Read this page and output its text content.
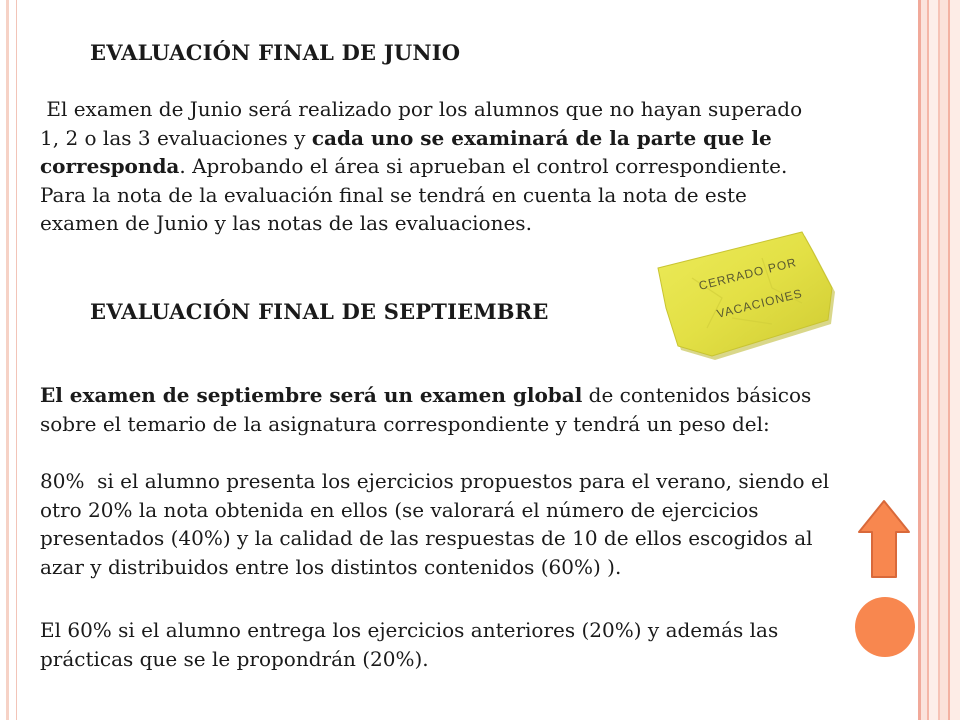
EVALUACIÓN FINAL DE JUNIO
El examen de Junio será realizado por los alumnos que no hayan superado
1, 2 o las 3 evaluaciones y cada uno se examinará de la parte que le
corresponda. Aprobando el área si aprueban el control correspondiente.
Para la nota de la evaluación final se tendrá en cuenta la nota de este
examen de Junio y las notas de las evaluaciones.
CERRADO POR
VACACIONES
EVALUACIÓN FINAL DE SEPTIEMBRE
El examen de septiembre será un examen global de contenidos básicos
sobre el temario de la asignatura correspondiente y tendrá un peso del:
80%  si el alumno presenta los ejercicios propuestos para el verano, siendo el
otro 20% la nota obtenida en ellos (se valorará el número de ejercicios
presentados (40%) y la calidad de las respuestas de 10 de ellos escogidos al
azar y distribuidos entre los distintos contenidos (60%) ).
El 60% si el alumno entrega los ejercicios anteriores (20%) y además las
prácticas que se le propondrán (20%).
